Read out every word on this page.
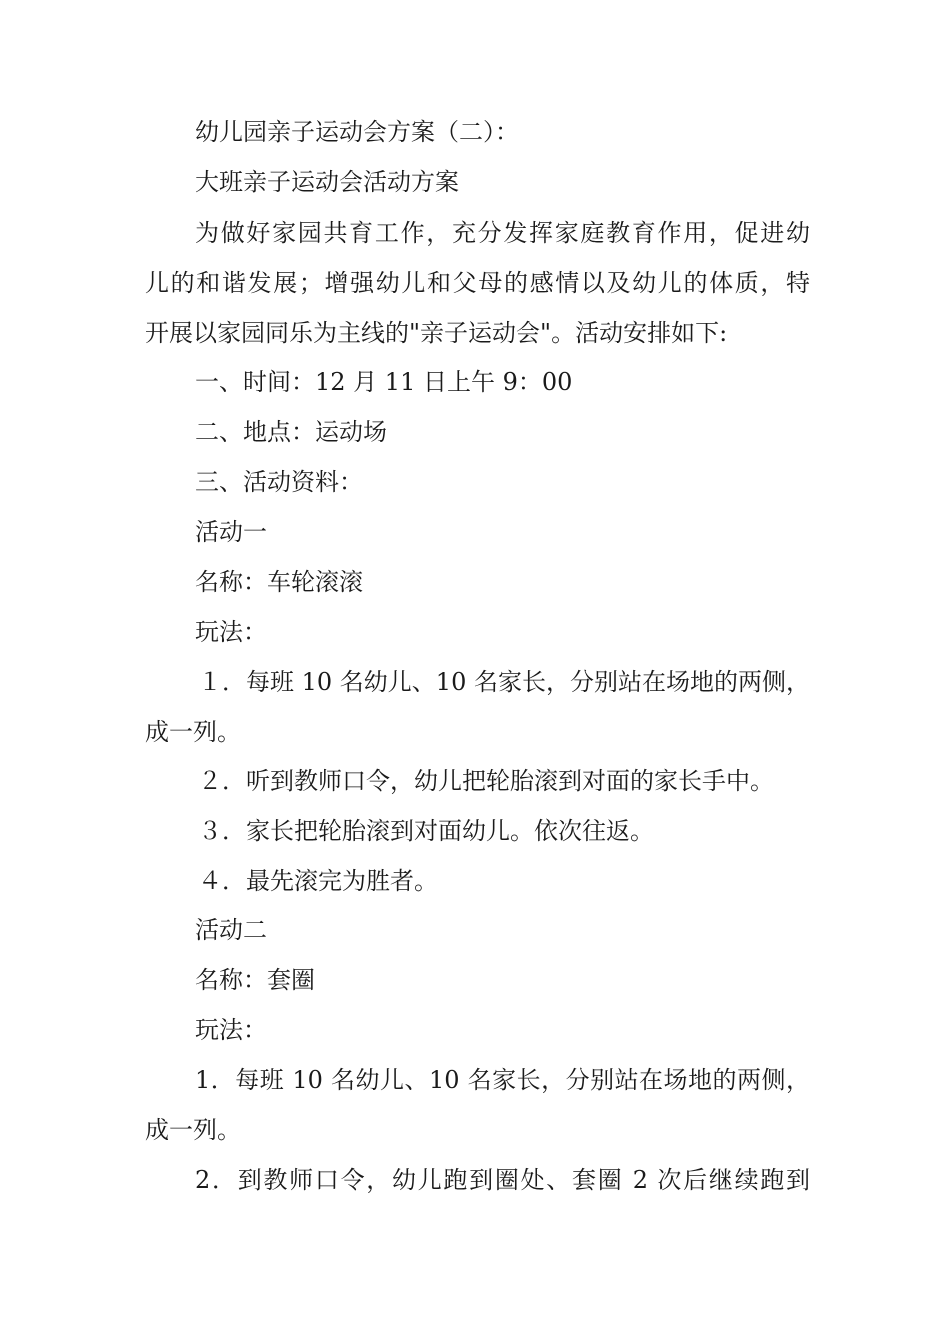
幼儿园亲子运动会方案（二）：
大班亲子运动会活动方案
为做好家园共育工作，充分发挥家庭教育作用，促进幼
儿的和谐发展；增强幼儿和父母的感情以及幼儿的体质，特
开展以家园同乐为主线的"亲子运动会"。活动安排如下:
一、时间：12 月 11 日上午 9：00
二、地点：运动场
三、活动资料：
活动一
名称：车轮滚滚
玩法：
１．每班 10 名幼儿、10 名家长，分别站在场地的两侧，
成一列。
２．听到教师口令，幼儿把轮胎滚到对面的家长手中。
３．家长把轮胎滚到对面幼儿。依次往返。
４．最先滚完为胜者。
活动二
名称：套圈
玩法：
1．每班 10 名幼儿、10 名家长，分别站在场地的两侧，
成一列。
2．到教师口令，幼儿跑到圈处、套圈 2 次后继续跑到
